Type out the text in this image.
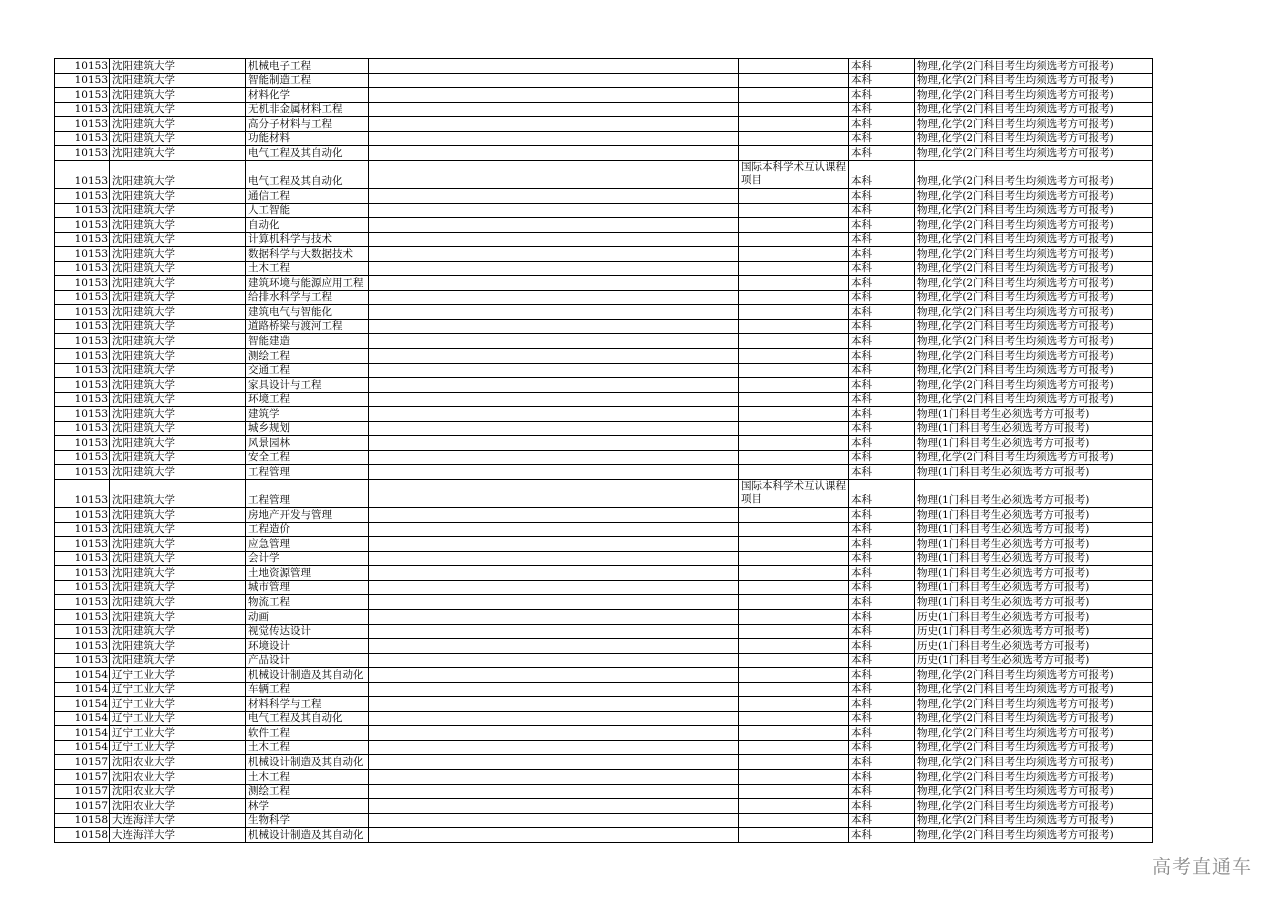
10153	沈阳建筑大学	机械电子工程			本科	物理,化学(2门科目考生均须选考方可报考)
10153	沈阳建筑大学	智能制造工程			本科	物理,化学(2门科目考生均须选考方可报考)
10153	沈阳建筑大学	材料化学			本科	物理,化学(2门科目考生均须选考方可报考)
10153	沈阳建筑大学	无机非金属材料工程			本科	物理,化学(2门科目考生均须选考方可报考)
10153	沈阳建筑大学	高分子材料与工程			本科	物理,化学(2门科目考生均须选考方可报考)
10153	沈阳建筑大学	功能材料			本科	物理,化学(2门科目考生均须选考方可报考)
10153	沈阳建筑大学	电气工程及其自动化			本科	物理,化学(2门科目考生均须选考方可报考)
10153	沈阳建筑大学	电气工程及其自动化		国际本科学术互认课程项目	本科	物理,化学(2门科目考生均须选考方可报考)
10153	沈阳建筑大学	通信工程			本科	物理,化学(2门科目考生均须选考方可报考)
10153	沈阳建筑大学	人工智能			本科	物理,化学(2门科目考生均须选考方可报考)
10153	沈阳建筑大学	自动化			本科	物理,化学(2门科目考生均须选考方可报考)
10153	沈阳建筑大学	计算机科学与技术			本科	物理,化学(2门科目考生均须选考方可报考)
10153	沈阳建筑大学	数据科学与大数据技术			本科	物理,化学(2门科目考生均须选考方可报考)
10153	沈阳建筑大学	土木工程			本科	物理,化学(2门科目考生均须选考方可报考)
10153	沈阳建筑大学	建筑环境与能源应用工程			本科	物理,化学(2门科目考生均须选考方可报考)
10153	沈阳建筑大学	给排水科学与工程			本科	物理,化学(2门科目考生均须选考方可报考)
10153	沈阳建筑大学	建筑电气与智能化			本科	物理,化学(2门科目考生均须选考方可报考)
10153	沈阳建筑大学	道路桥梁与渡河工程			本科	物理,化学(2门科目考生均须选考方可报考)
10153	沈阳建筑大学	智能建造			本科	物理,化学(2门科目考生均须选考方可报考)
10153	沈阳建筑大学	测绘工程			本科	物理,化学(2门科目考生均须选考方可报考)
10153	沈阳建筑大学	交通工程			本科	物理,化学(2门科目考生均须选考方可报考)
10153	沈阳建筑大学	家具设计与工程			本科	物理,化学(2门科目考生均须选考方可报考)
10153	沈阳建筑大学	环境工程			本科	物理,化学(2门科目考生均须选考方可报考)
10153	沈阳建筑大学	建筑学			本科	物理(1门科目考生必须选考方可报考)
10153	沈阳建筑大学	城乡规划			本科	物理(1门科目考生必须选考方可报考)
10153	沈阳建筑大学	风景园林			本科	物理(1门科目考生必须选考方可报考)
10153	沈阳建筑大学	安全工程			本科	物理,化学(2门科目考生均须选考方可报考)
10153	沈阳建筑大学	工程管理			本科	物理(1门科目考生必须选考方可报考)
10153	沈阳建筑大学	工程管理		国际本科学术互认课程项目	本科	物理(1门科目考生必须选考方可报考)
10153	沈阳建筑大学	房地产开发与管理			本科	物理(1门科目考生必须选考方可报考)
10153	沈阳建筑大学	工程造价			本科	物理(1门科目考生必须选考方可报考)
10153	沈阳建筑大学	应急管理			本科	物理(1门科目考生必须选考方可报考)
10153	沈阳建筑大学	会计学			本科	物理(1门科目考生必须选考方可报考)
10153	沈阳建筑大学	土地资源管理			本科	物理(1门科目考生必须选考方可报考)
10153	沈阳建筑大学	城市管理			本科	物理(1门科目考生必须选考方可报考)
10153	沈阳建筑大学	物流工程			本科	物理(1门科目考生必须选考方可报考)
10153	沈阳建筑大学	动画			本科	历史(1门科目考生必须选考方可报考)
10153	沈阳建筑大学	视觉传达设计			本科	历史(1门科目考生必须选考方可报考)
10153	沈阳建筑大学	环境设计			本科	历史(1门科目考生必须选考方可报考)
10153	沈阳建筑大学	产品设计			本科	历史(1门科目考生必须选考方可报考)
10154	辽宁工业大学	机械设计制造及其自动化			本科	物理,化学(2门科目考生均须选考方可报考)
10154	辽宁工业大学	车辆工程			本科	物理,化学(2门科目考生均须选考方可报考)
10154	辽宁工业大学	材料科学与工程			本科	物理,化学(2门科目考生均须选考方可报考)
10154	辽宁工业大学	电气工程及其自动化			本科	物理,化学(2门科目考生均须选考方可报考)
10154	辽宁工业大学	软件工程			本科	物理,化学(2门科目考生均须选考方可报考)
10154	辽宁工业大学	土木工程			本科	物理,化学(2门科目考生均须选考方可报考)
10157	沈阳农业大学	机械设计制造及其自动化			本科	物理,化学(2门科目考生均须选考方可报考)
10157	沈阳农业大学	土木工程			本科	物理,化学(2门科目考生均须选考方可报考)
10157	沈阳农业大学	测绘工程			本科	物理,化学(2门科目考生均须选考方可报考)
10157	沈阳农业大学	林学			本科	物理,化学(2门科目考生均须选考方可报考)
10158	大连海洋大学	生物科学			本科	物理,化学(2门科目考生均须选考方可报考)
10158	大连海洋大学	机械设计制造及其自动化			本科	物理,化学(2门科目考生均须选考方可报考)
高考直通车
